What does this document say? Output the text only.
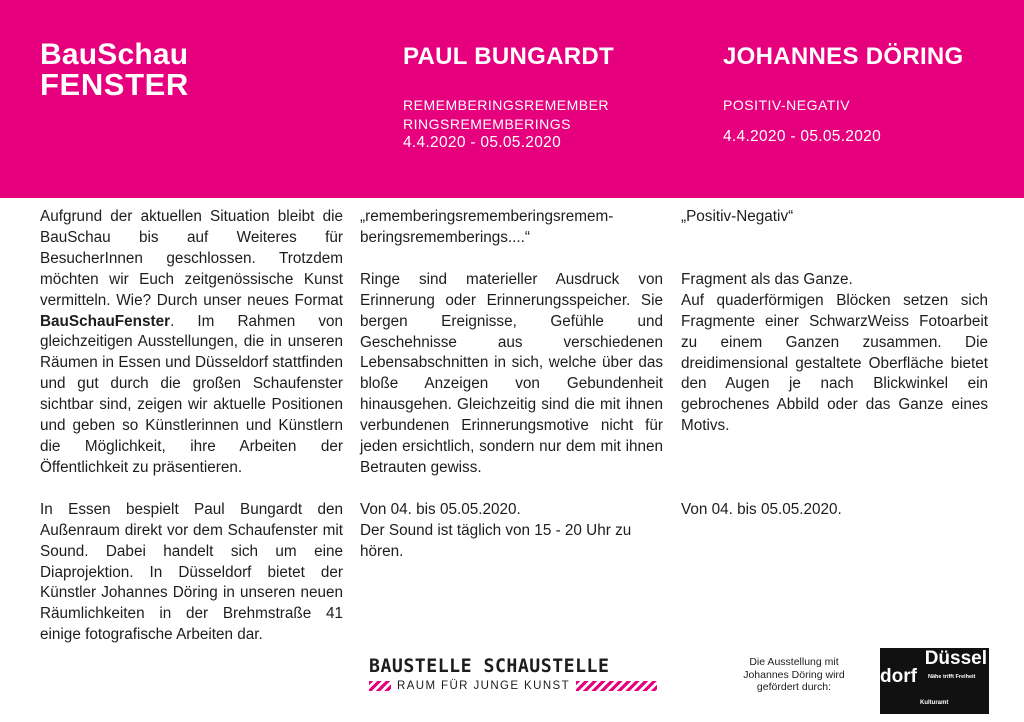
BauSchau
FENSTER
PAUL BUNGARDT
REMEMBERINGSREMEMBER
RINGSREMEMBERINGS
4.4.2020 - 05.05.2020
JOHANNES DÖRING
POSITIV-NEGATIV
4.4.2020 - 05.05.2020

Aufgrund der aktuellen Situation bleibt die BauSchau bis auf Weiteres für BesucherInnen geschlossen. Trotzdem möchten wir Euch zeitgenössische Kunst vermitteln. Wie? Durch unser neues Format BauSchauFenster. Im Rahmen von gleichzeitigen Ausstellungen, die in unseren Räumen in Essen und Düsseldorf stattfinden und gut durch die großen Schaufenster sichtbar sind, zeigen wir aktuelle Positionen und geben so Künstlerinnen und Künstlern die Möglichkeit, ihre Arbeiten der Öffentlichkeit zu präsentieren.

In Essen bespielt Paul Bungardt den Außenraum direkt vor dem Schaufenster mit Sound. Dabei handelt sich um eine Diaprojektion. In Düsseldorf bietet der Künstler Johannes Döring in unseren neuen Räumlichkeiten in der Brehmstraße 41 einige fotografische Arbeiten dar.

„rememberingsrememberingsrememberingsrememberings....“

Ringe sind materieller Ausdruck von Erinnerung oder Erinnerungsspeicher. Sie bergen Ereignisse, Gefühle und Geschehnisse aus verschiedenen Lebensabschnitten in sich, welche über das bloße Anzeigen von Gebundenheit hinausgehen. Gleichzeitig sind die mit ihnen verbundenen Erinnerungsmotive nicht für jeden ersichtlich, sondern nur dem mit ihnen Betrauten gewiss.

Von 04. bis 05.05.2020.

Der Sound ist täglich von 15 - 20 Uhr zu hören.

„Positiv-Negativ“

Fragment als das Ganze.

Auf quaderförmigen Blöcken setzen sich Fragmente einer SchwarzWeiss Fotoarbeit zu einem Ganzen zusammen. Die dreidimensional gestaltete Oberfläche bietet den Augen je nach Blickwinkel ein gebrochenes Abbild oder das Ganze eines Motivs.

Von 04. bis 05.05.2020.

BAUSTELLE SCHAUSTELLE
RAUM FÜR JUNGE KUNST
Die Ausstellung mit Johannes Döring wird gefördert durch:
Düssel
dorf Nähe trifft Freiheit
Kulturamt
